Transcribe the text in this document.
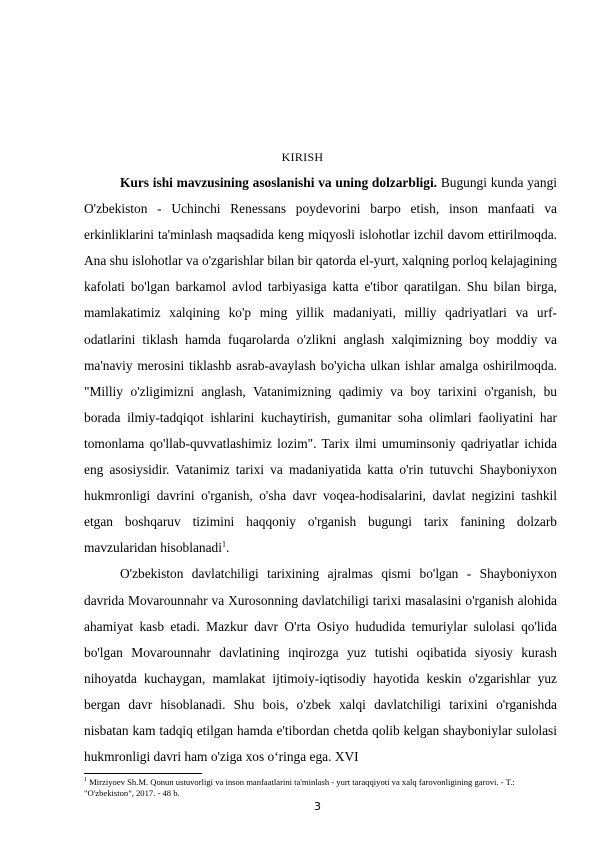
KIRISH

Kurs ishi mavzusining asoslanishi va uning dolzarbligi. Bugungi kunda yangi O'zbekiston - Uchinchi Renessans poydevorini barpo etish, inson manfaati va erkinliklarini ta'minlash maqsadida keng miqyosli islohotlar izchil davom ettirilmoqda. Ana shu islohotlar va o'zgarishlar bilan bir qatorda el-yurt, xalqning porloq kelajagining kafolati bo'lgan barkamol avlod tarbiyasiga katta e'tibor qaratilgan. Shu bilan birga, mamlakatimiz xalqining ko'p ming yillik madaniyati, milliy qadriyatlari va urf-odatlarini tiklash hamda fuqarolarda o'zlikni anglash xalqimizning boy moddiy va ma'naviy merosini tiklashb asrab-avaylash bo'yicha ulkan ishlar amalga oshirilmoqda. "Milliy o'zligimizni anglash, Vatanimizning qadimiy va boy tarixini o'rganish, bu borada ilmiy-tadqiqot ishlarini kuchaytirish, gumanitar soha olimlari faoliyatini har tomonlama qo'llab-quvvatlashimiz lozim". Tarix ilmi umuminsoniy qadriyatlar ichida eng asosiysidir. Vatanimiz tarixi va madaniyatida katta o'rin tutuvchi Shayboniyxon hukmronligi davrini o'rganish, o'sha davr voqea-hodisalarini, davlat negizini tashkil etgan boshqaruv tizimini haqqoniy o'rganish bugungi tarix fanining dolzarb mavzularidan hisoblanadi$^1$.

O'zbekiston davlatchiligi tarixining ajralmas qismi bo'lgan - Shayboniyxon davrida Movarounnahr va Xurosonning davlatchiligi tarixi masalasini o'rganish alohida ahamiyat kasb etadi. Mazkur davr O'rta Osiyo hududida temuriylar sulolasi qo'lida bo'lgan Movarounnahr davlatining inqirozga yuz tutishi oqibatida siyosiy kurash nihoyatda kuchaygan, mamlakat ijtimoiy-iqtisodiy hayotida keskin o'zgarishlar yuz bergan davr hisoblanadi. Shu bois, o'zbek xalqi davlatchiligi tarixini o'rganishda nisbatan kam tadqiq etilgan hamda e'tibordan chetda qolib kelgan shayboniylar sulolasi hukmronligi davri ham o'ziga xos o‘ringa ega. XVI

$^1$ Mirziyoev Sh.M. Qonun ustuvorligi va inson manfaatlarini ta'minlash - yurt taraqqiyoti va xalq farovonligining garovi. - T.: "O'zbekiston", 2017. - 48 b.
3
